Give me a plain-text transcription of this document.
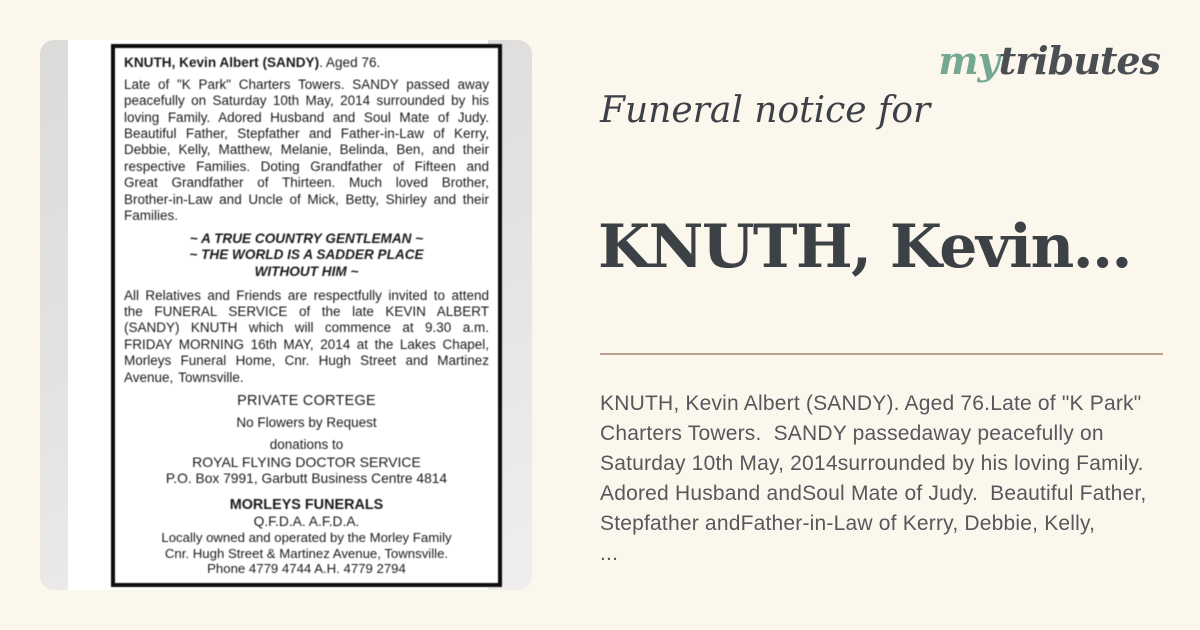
KNUTH, Kevin Albert (SANDY). Aged 76.

Late of "K Park" Charters Towers. SANDY passed away peacefully on Saturday 10th May, 2014 surrounded by his loving Family. Adored Husband and Soul Mate of Judy. Beautiful Father, Stepfather and Father-in-Law of Kerry, Debbie, Kelly, Matthew, Melanie, Belinda, Ben, and their respective Families. Doting Grandfather of Fifteen and Great Grandfather of Thirteen. Much loved Brother, Brother-in-Law and Uncle of Mick, Betty, Shirley and their Families.

~ A TRUE COUNTRY GENTLEMAN ~
~ THE WORLD IS A SADDER PLACE
WITHOUT HIM ~

All Relatives and Friends are respectfully invited to attend the FUNERAL SERVICE of the late KEVIN ALBERT (SANDY) KNUTH which will commence at 9.30 a.m. FRIDAY MORNING 16th MAY, 2014 at the Lakes Chapel, Morleys Funeral Home, Cnr. Hugh Street and Martinez Avenue, Townsville.

PRIVATE CORTEGE
No Flowers by Request
donations to
ROYAL FLYING DOCTOR SERVICE
P.O. Box 7991, Garbutt Business Centre 4814
MORLEYS FUNERALS
Q.F.D.A. A.F.D.A.
Locally owned and operated by the Morley Family
Cnr. Hugh Street & Martinez Avenue, Townsville.
Phone 4779 4744 A.H. 4779 2794
mytributes
Funeral notice for
KNUTH, Kevin...
KNUTH, Kevin Albert (SANDY). Aged 76.Late of "K Park" Charters Towers.  SANDY passedaway peacefully on Saturday 10th May, 2014surrounded by his loving Family. Adored Husband andSoul Mate of Judy.  Beautiful Father, Stepfather andFather-in-Law of Kerry, Debbie, Kelly,
...
